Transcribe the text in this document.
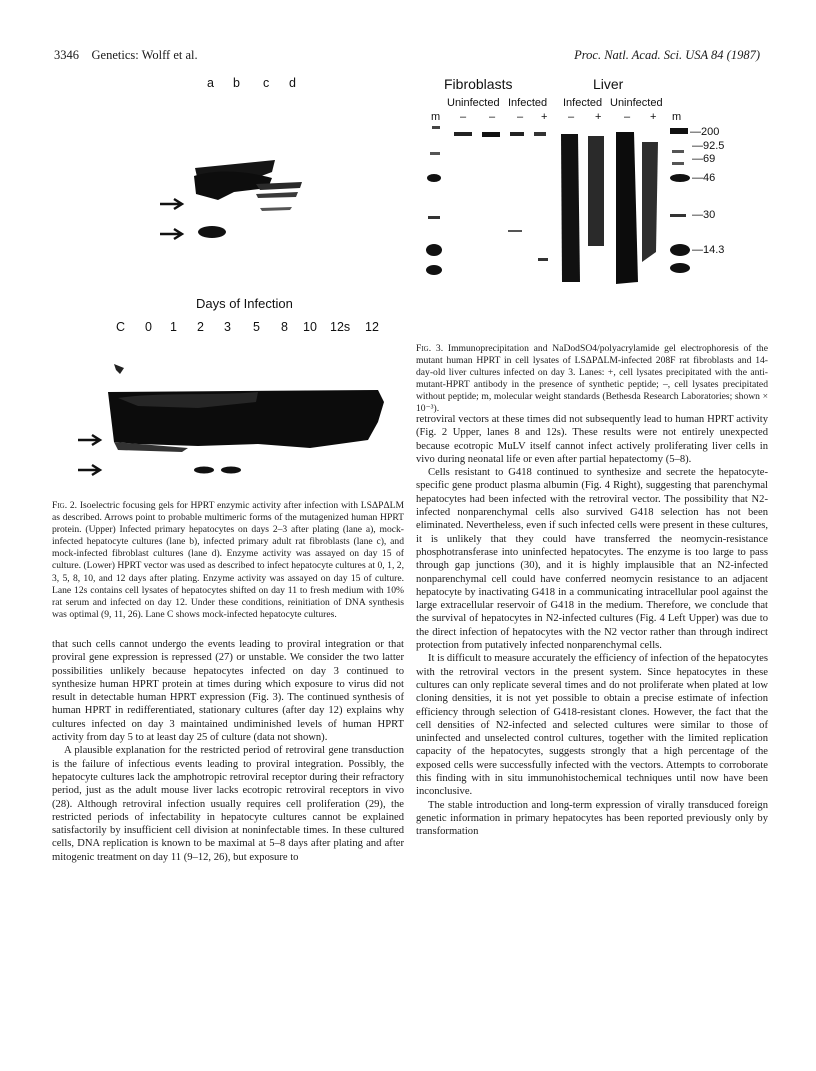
3346 Genetics: Wolff et al.	Proc. Natl. Acad. Sci. USA 84 (1987)
a b c d
Days of Infection
C 0 1 2 3 5 8 10 12s 12
Fibroblasts	Liver
Uninfected Infected Infected Uninfected
m – – – + – + – + m
—200
—92.5
—69
—46
—30
—14.3
Fig. 2. Isoelectric focusing gels for HPRT enzymic activity after infection with LSΔPΔLM as described. Arrows point to probable multimeric forms of the mutagenized human HPRT protein. (Upper) Infected primary hepatocytes on days 2–3 after plating (lane a), mock-infected hepatocyte cultures (lane b), infected primary adult rat fibroblasts (lane c), and mock-infected fibroblast cultures (lane d). Enzyme activity was assayed on day 15 of culture. (Lower) HPRT vector was used as described to infect hepatocyte cultures at 0, 1, 2, 3, 5, 8, 10, and 12 days after plating. Enzyme activity was assayed on day 15 of culture. Lane 12s contains cell lysates of hepatocytes shifted on day 11 to fresh medium with 10% rat serum and infected on day 12. Under these conditions, reinitiation of DNA synthesis was optimal (9, 11, 26). Lane C shows mock-infected hepatocyte cultures.
Fig. 3. Immunoprecipitation and NaDodSO4/polyacrylamide gel electrophoresis of the mutant human HPRT in cell lysates of LSΔPΔLM-infected 208F rat fibroblasts and 14-day-old liver cultures infected on day 3. Lanes: +, cell lysates precipitated with the anti-mutant-HPRT antibody in the presence of synthetic peptide; –, cell lysates precipitated without peptide; m, molecular weight standards (Bethesda Research Laboratories; shown × 10⁻³).

that such cells cannot undergo the events leading to proviral integration or that proviral gene expression is repressed (27) or unstable. We consider the two latter possibilities unlikely because hepatocytes infected on day 3 continued to synthesize human HPRT protein at times during which exposure to virus did not result in detectable human HPRT expression (Fig. 3). The continued synthesis of human HPRT in redifferentiated, stationary cultures (after day 12) explains why cultures infected on day 3 maintained undiminished levels of human HPRT activity from day 5 to at least day 25 of culture (data not shown).

A plausible explanation for the restricted period of retroviral gene transduction is the failure of infectious events leading to proviral integration. Possibly, the hepatocyte cultures lack the amphotropic retroviral receptor during their refractory period, just as the adult mouse liver lacks ecotropic retroviral receptors in vivo (28). Although retroviral infection usually requires cell proliferation (29), the restricted periods of infectability in hepatocyte cultures cannot be explained satisfactorily by insufficient cell division at noninfectable times. In these cultured cells, DNA replication is known to be maximal at 5–8 days after plating and after mitogenic treatment on day 11 (9–12, 26), but exposure to

retroviral vectors at these times did not subsequently lead to human HPRT activity (Fig. 2 Upper, lanes 8 and 12s). These results were not entirely unexpected because ecotropic MuLV itself cannot infect actively proliferating liver cells in vivo during neonatal life or even after partial hepatectomy (5–8).

Cells resistant to G418 continued to synthesize and secrete the hepatocyte-specific gene product plasma albumin (Fig. 4 Right), suggesting that parenchymal hepatocytes had been infected with the retroviral vector. The possibility that N2-infected nonparenchymal cells also survived G418 selection has not been eliminated. Nevertheless, even if such infected cells were present in these cultures, it is unlikely that they could have transferred the neomycin-resistance phosphotransferase into uninfected hepatocytes. The enzyme is too large to pass through gap junctions (30), and it is highly implausible that an N2-infected nonparenchymal cell could have conferred neomycin resistance to an adjacent hepatocyte by inactivating G418 in a communicating intracellular pool against the large extracellular reservoir of G418 in the medium. Therefore, we conclude that the survival of hepatocytes in N2-infected cultures (Fig. 4 Left Upper) was due to the direct infection of hepatocytes with the N2 vector rather than through indirect protection from putatively infected nonparenchymal cells.

It is difficult to measure accurately the efficiency of infection of the hepatocytes with the retroviral vectors in the present system. Since hepatocytes in these cultures can only replicate several times and do not proliferate when plated at low cloning densities, it is not yet possible to obtain a precise estimate of infection efficiency through selection of G418-resistant clones. However, the fact that the cell densities of N2-infected and selected cultures were similar to those of uninfected and unselected control cultures, together with the limited replication capacity of the hepatocytes, suggests strongly that a high percentage of the exposed cells were successfully infected with the vectors. Attempts to corroborate this finding with in situ immunohistochemical techniques until now have been inconclusive.

The stable introduction and long-term expression of virally transduced foreign genetic information in primary hepatocytes has been reported previously only by transformation
